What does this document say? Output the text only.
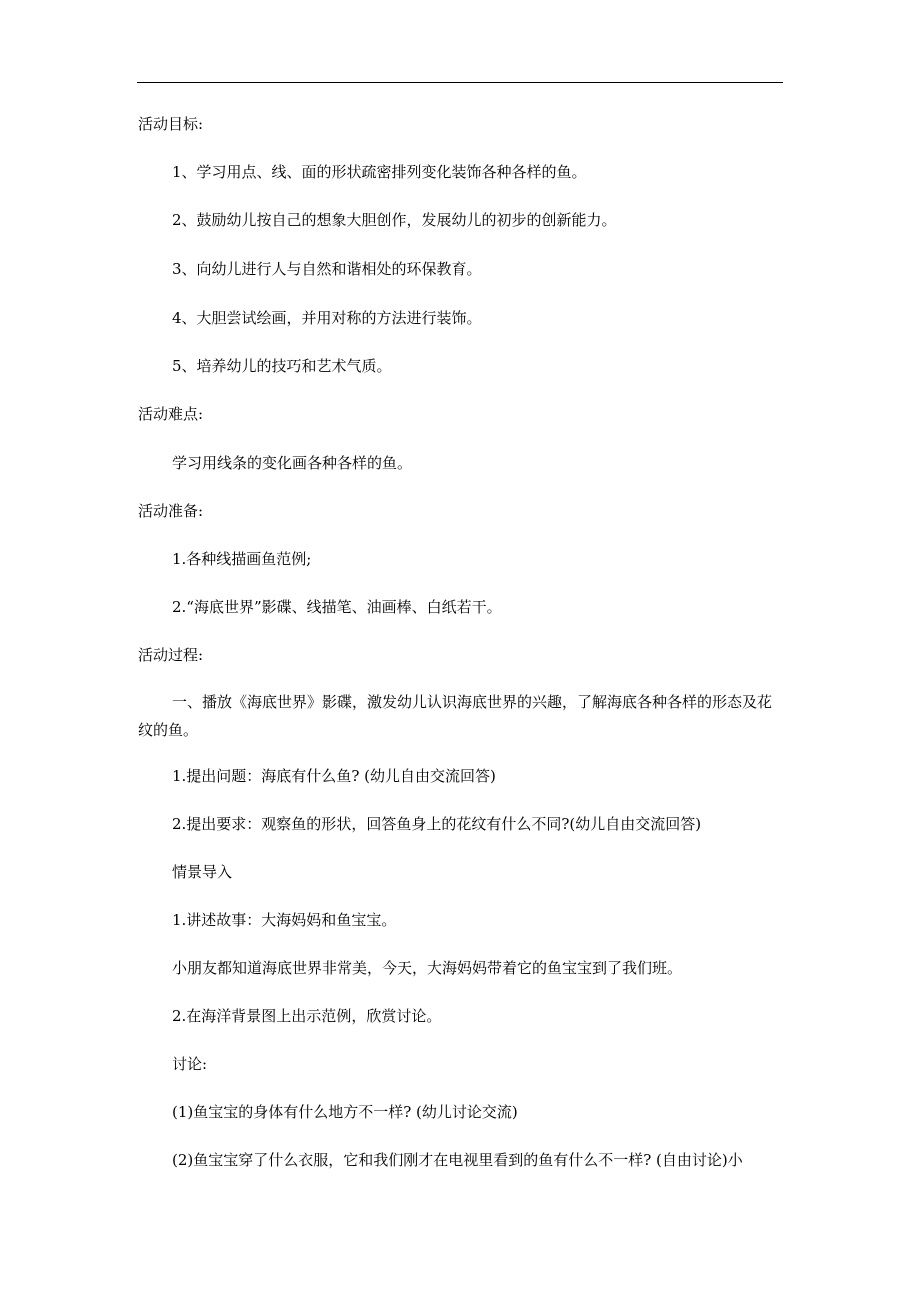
活动目标:
1、学习用点、线、面的形状疏密排列变化装饰各种各样的鱼。
2、鼓励幼儿按自己的想象大胆创作，发展幼儿的初步的创新能力。
3、向幼儿进行人与自然和谐相处的环保教育。
4、大胆尝试绘画，并用对称的方法进行装饰。
5、培养幼儿的技巧和艺术气质。
活动难点:
学习用线条的变化画各种各样的鱼。
活动准备:
1.各种线描画鱼范例;
2.“海底世界”影碟、线描笔、油画棒、白纸若干。
活动过程:
一、播放《海底世界》影碟，激发幼儿认识海底世界的兴趣，了解海底各种各样的形态及花纹的鱼。
1.提出问题：海底有什么鱼? (幼儿自由交流回答)
2.提出要求：观察鱼的形状，回答鱼身上的花纹有什么不同?(幼儿自由交流回答)
情景导入
1.讲述故事：大海妈妈和鱼宝宝。
小朋友都知道海底世界非常美，今天，大海妈妈带着它的鱼宝宝到了我们班。
2.在海洋背景图上出示范例，欣赏讨论。
讨论:
(1)鱼宝宝的身体有什么地方不一样? (幼儿讨论交流)
(2)鱼宝宝穿了什么衣服，它和我们刚才在电视里看到的鱼有什么不一样? (自由讨论)小
